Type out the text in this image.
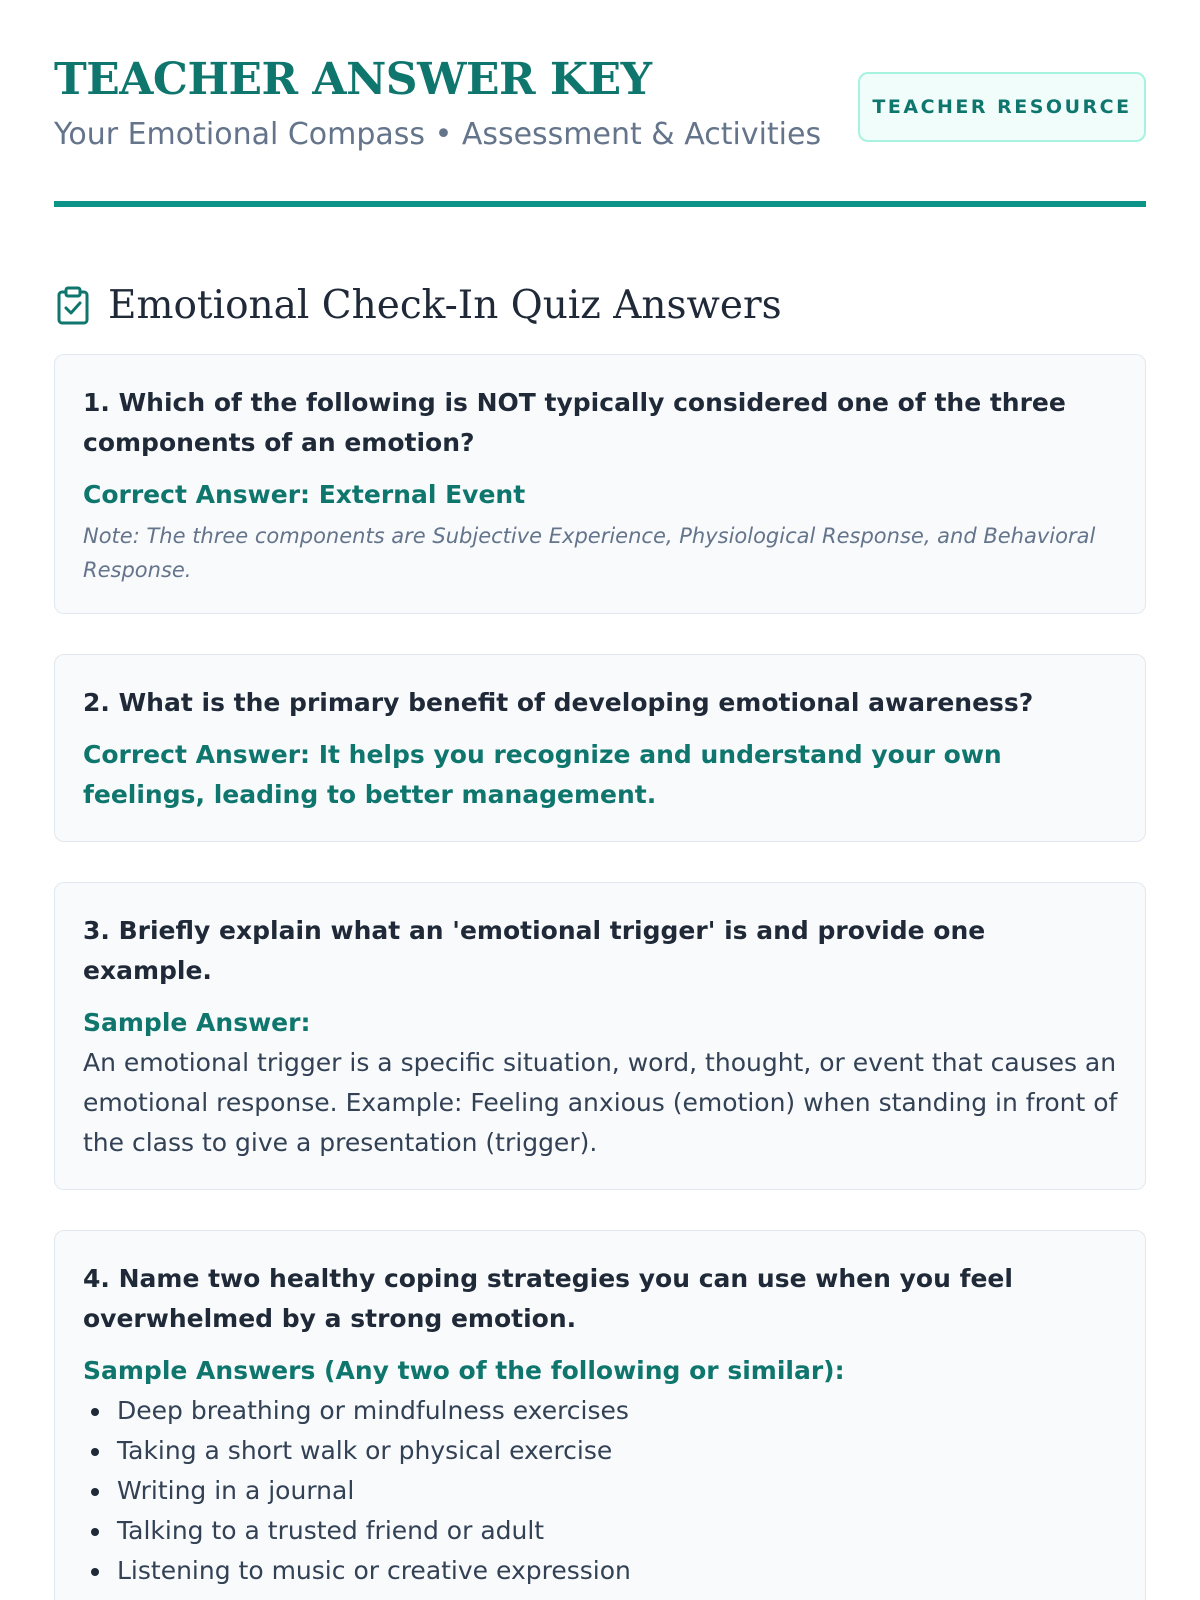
TEACHER ANSWER KEY
Your Emotional Compass • Assessment & Activities
TEACHER RESOURCE
Emotional Check-In Quiz Answers
1. Which of the following is NOT typically considered one of the three components of an emotion?
Correct Answer: External Event
Note: The three components are Subjective Experience, Physiological Response, and Behavioral Response.
2. What is the primary benefit of developing emotional awareness?
Correct Answer: It helps you recognize and understand your own feelings, leading to better management.
3. Briefly explain what an 'emotional trigger' is and provide one example.
Sample Answer:
An emotional trigger is a specific situation, word, thought, or event that causes an emotional response. Example: Feeling anxious (emotion) when standing in front of the class to give a presentation (trigger).
4. Name two healthy coping strategies you can use when you feel overwhelmed by a strong emotion.
Sample Answers (Any two of the following or similar):
Deep breathing or mindfulness exercises
Taking a short walk or physical exercise
Writing in a journal
Talking to a trusted friend or adult
Listening to music or creative expression
